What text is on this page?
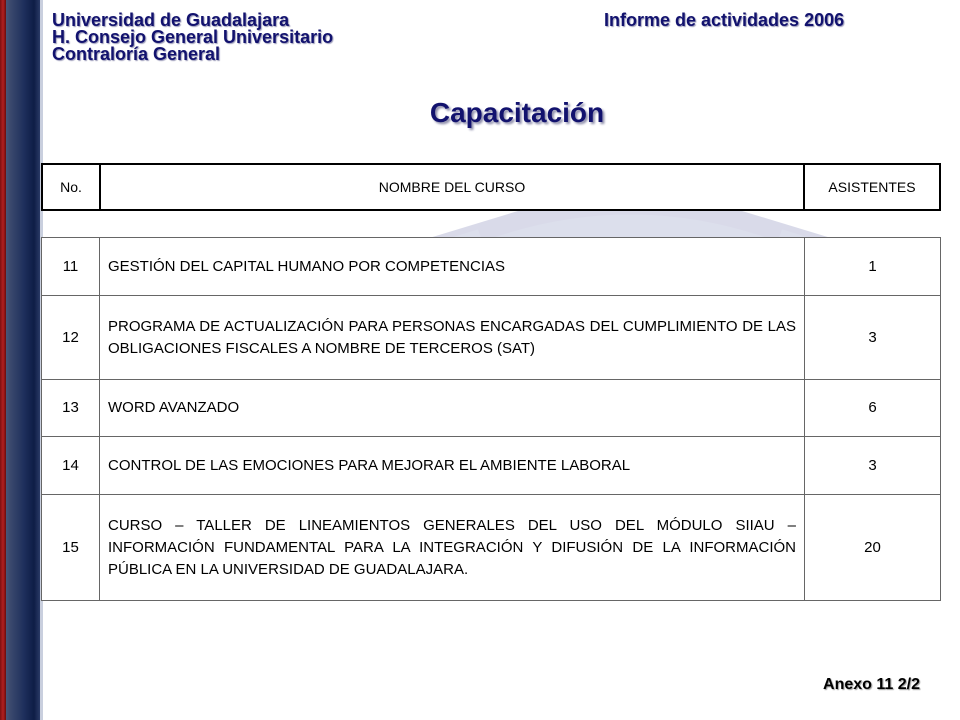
Universidad de Guadalajara
H. Consejo General Universitario
Contraloría General
Informe de actividades 2006
Capacitación
No.	NOMBRE DEL CURSO	ASISTENTES
11	GESTIÓN DEL CAPITAL HUMANO POR COMPETENCIAS	1
12	PROGRAMA DE ACTUALIZACIÓN PARA PERSONAS ENCARGADAS DEL CUMPLIMIENTO DE LAS OBLIGACIONES FISCALES A NOMBRE DE TERCEROS (SAT)	3
13	WORD AVANZADO	6
14	CONTROL DE LAS EMOCIONES PARA MEJORAR EL AMBIENTE LABORAL	3
15	CURSO – TALLER DE LINEAMIENTOS GENERALES DEL USO DEL MÓDULO SIIAU – INFORMACIÓN FUNDAMENTAL PARA LA INTEGRACIÓN Y DIFUSIÓN DE LA INFORMACIÓN PÚBLICA EN LA UNIVERSIDAD DE GUADALAJARA.	20
Anexo 11 2/2
